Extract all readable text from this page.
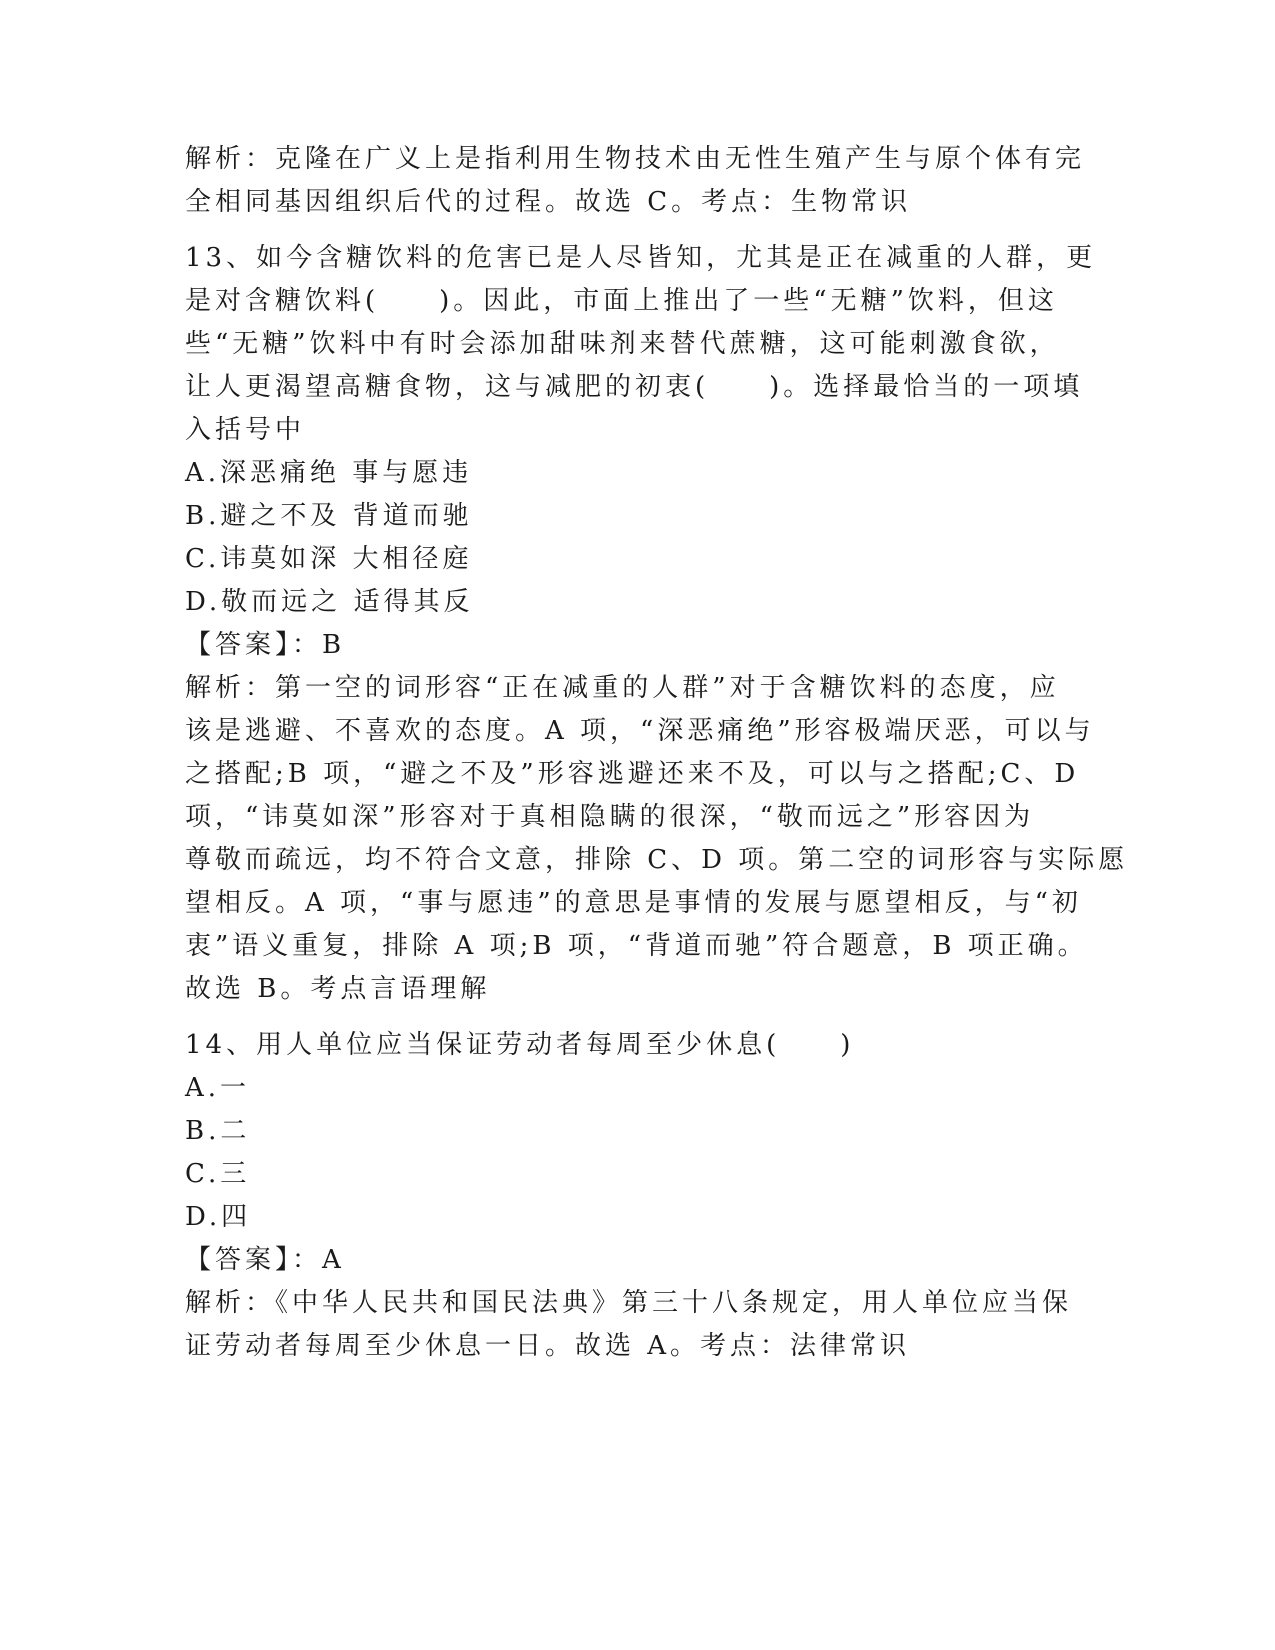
解析：克隆在广义上是指利用生物技术由无性生殖产生与原个体有完
全相同基因组织后代的过程。故选 C。考点：生物常识
13、如今含糖饮料的危害已是人尽皆知，尤其是正在减重的人群，更
是对含糖饮料(　　)。因此，市面上推出了一些“无糖”饮料，但这
些“无糖”饮料中有时会添加甜味剂来替代蔗糖，这可能刺激食欲，
让人更渴望高糖食物，这与减肥的初衷(　　)。选择最恰当的一项填
入括号中
A.深恶痛绝 事与愿违
B.避之不及 背道而驰
C.讳莫如深 大相径庭
D.敬而远之 适得其反
【答案】：B
解析：第一空的词形容“正在减重的人群”对于含糖饮料的态度，应
该是逃避、不喜欢的态度。A 项，“深恶痛绝”形容极端厌恶，可以与
之搭配;B 项，“避之不及”形容逃避还来不及，可以与之搭配;C、D
项，“讳莫如深”形容对于真相隐瞒的很深，“敬而远之”形容因为
尊敬而疏远，均不符合文意，排除 C、D 项。第二空的词形容与实际愿
望相反。A 项，“事与愿违”的意思是事情的发展与愿望相反，与“初
衷”语义重复，排除 A 项;B 项，“背道而驰”符合题意，B 项正确。
故选 B。考点言语理解
14、用人单位应当保证劳动者每周至少休息(　　)
A.一
B.二
C.三
D.四
【答案】：A
解析：《中华人民共和国民法典》第三十八条规定，用人单位应当保
证劳动者每周至少休息一日。故选 A。考点：法律常识
